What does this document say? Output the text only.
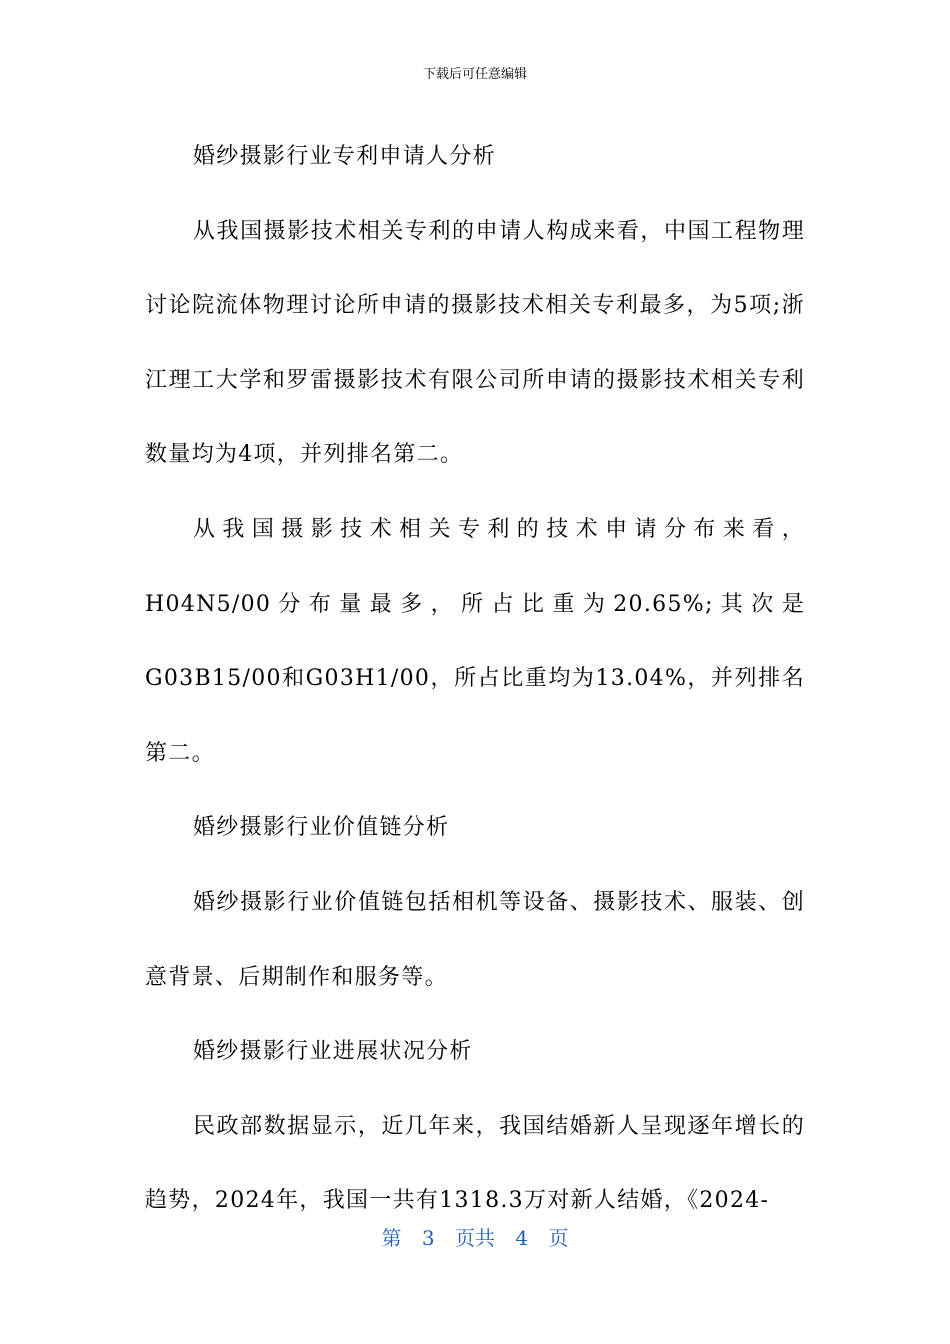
下载后可任意编辑

婚纱摄影行业专利申请人分析

从我国摄影技术相关专利的申请人构成来看，中国工程物理讨论院流体物理讨论所申请的摄影技术相关专利最多，为5项;浙江理工大学和罗雷摄影技术有限公司所申请的摄影技术相关专利数量均为4项，并列排名第二。

从我国摄影技术相关专利的技术申请分布来看，H04N5/00分布量最多，所占比重为20.65%;其次是G03B15/00和G03H1/00，所占比重均为13.04%，并列排名第二。

婚纱摄影行业价值链分析

婚纱摄影行业价值链包括相机等设备、摄影技术、服装、创意背景、后期制作和服务等。

婚纱摄影行业进展状况分析

民政部数据显示，近几年来，我国结婚新人呈现逐年增长的趋势，2024年，我国一共有1318.3万对新人结婚，《2024-

第 3 页共 4 页
